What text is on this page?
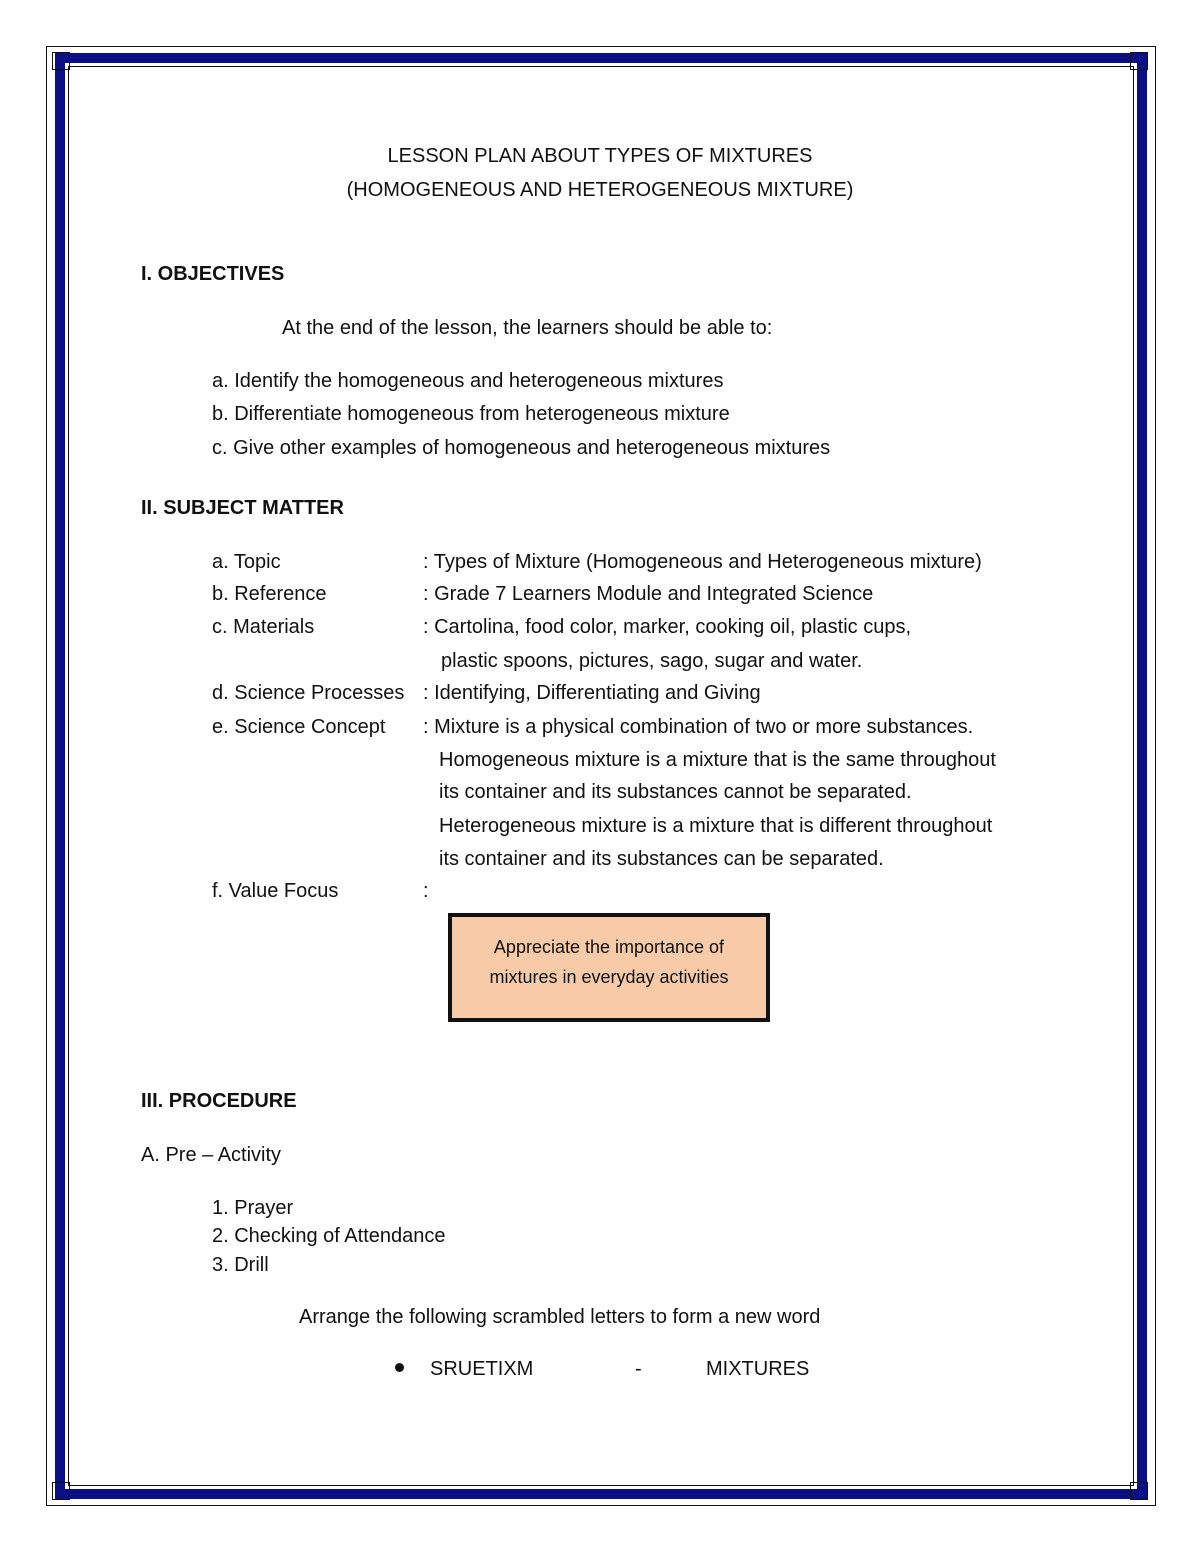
LESSON PLAN ABOUT TYPES OF MIXTURES
(HOMOGENEOUS AND HETEROGENEOUS MIXTURE)
I. OBJECTIVES
At the end of the lesson, the learners should be able to:
a. Identify the homogeneous and heterogeneous mixtures
b. Differentiate homogeneous from heterogeneous mixture
c. Give other examples of homogeneous and heterogeneous mixtures
II. SUBJECT MATTER
a. Topic	: Types of Mixture (Homogeneous and Heterogeneous mixture)
b. Reference	: Grade 7 Learners Module and Integrated Science
c. Materials	: Cartolina, food color, marker, cooking oil, plastic cups,
plastic spoons, pictures, sago, sugar and water.
d. Science Processes : Identifying, Differentiating and Giving
e. Science Concept : Mixture is a physical combination of two or more substances.
Homogeneous mixture is a mixture that is the same throughout
its container and its substances cannot be separated.
Heterogeneous mixture is a mixture that is different throughout
its container and its substances can be separated.
f. Value Focus	:
Appreciate the importance of
mixtures in everyday activities
III. PROCEDURE
A. Pre – Activity
1. Prayer
2. Checking of Attendance
3. Drill
Arrange the following scrambled letters to form a new word
SRUETIXM	-	MIXTURES
